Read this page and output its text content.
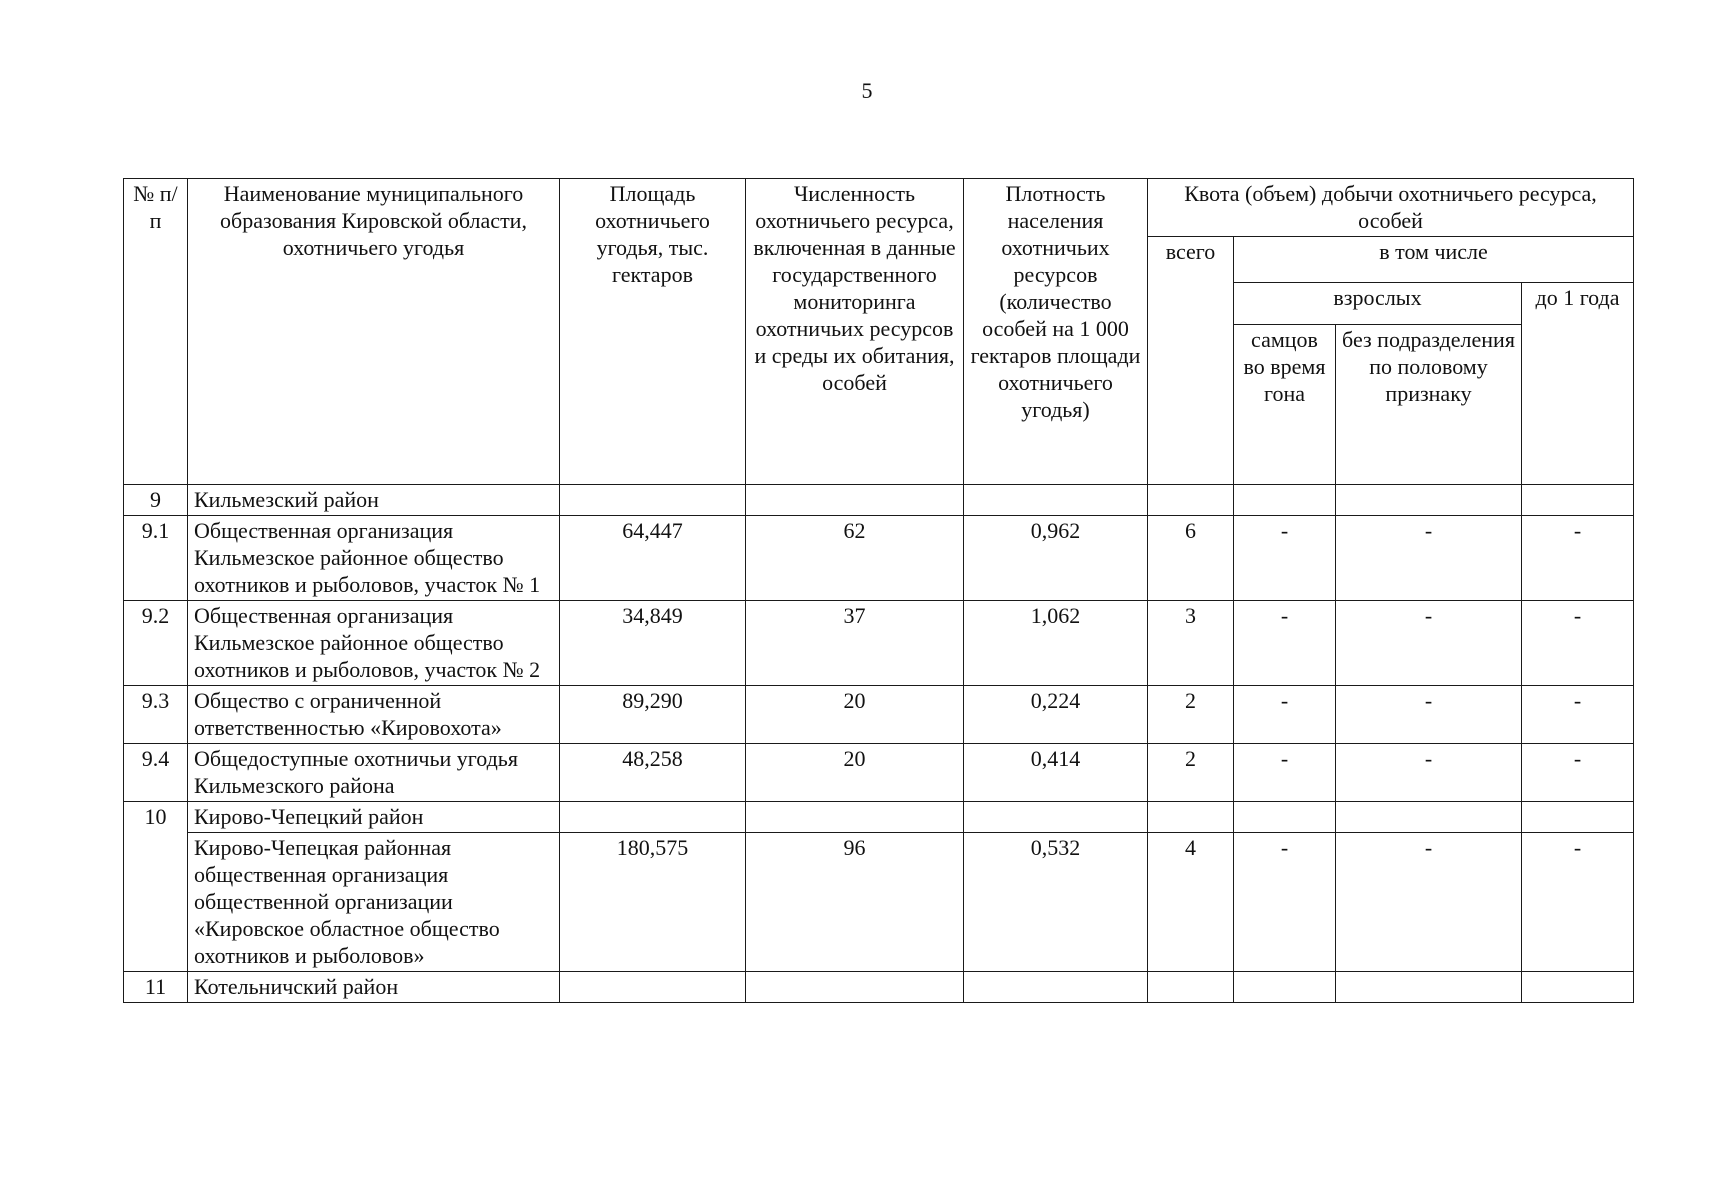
5
№ п/п	Наименование муниципального образования Кировской области, охотничьего угодья	Площадь охотничьего угодья, тыс. гектаров	Численность охотничьего ресурса, включенная в данные государственного мониторинга охотничьих ресурсов и среды их обитания, особей	Плотность населения охотничьих ресурсов (количество особей на 1 000 гектаров площади охотничьего угодья)	Квота (объем) добычи охотничьего ресурса, особей			
					всего	в том числе		
						взрослых		до 1 года
						самцов во время гона	без подразделения по половому признаку	
9	Кильмезский район							
9.1	Общественная организация Кильмезское районное общество охотников и рыболовов, участок № 1	64,447	62	0,962	6	-	-	-
9.2	Общественная организация Кильмезское районное общество охотников и рыболовов, участок № 2	34,849	37	1,062	3	-	-	-
9.3	Общество с ограниченной ответственностью «Кировохота»	89,290	20	0,224	2	-	-	-
9.4	Общедоступные охотничьи угодья Кильмезского района	48,258	20	0,414	2	-	-	-
10	Кирово-Чепецкий район							
	Кирово-Чепецкая районная общественная организация общественной организации «Кировское областное общество охотников и рыболовов»	180,575	96	0,532	4	-	-	-
11	Котельничский район							
